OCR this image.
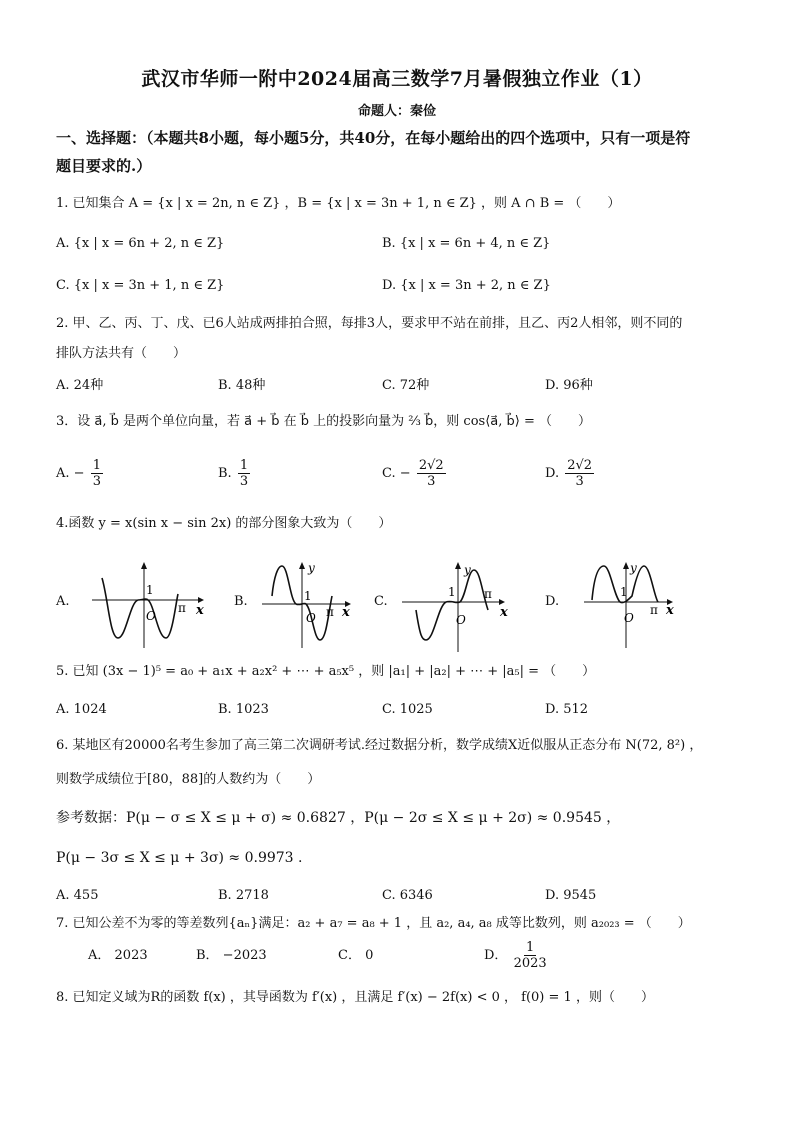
武汉市华师一附中2024届高三数学7月暑假独立作业（1）
命题人：秦俭
一、选择题：（本题共8小题，每小题5分，共40分，在每小题给出的四个选项中，只有一项是符
题目要求的.）
1. 已知集合 A = {x | x = 2n, n ∈ Z} ，B = {x | x = 3n + 1, n ∈ Z} ，则 A ∩ B = （　　）
A. {x | x = 6n + 2, n ∈ Z}	B. {x | x = 6n + 4, n ∈ Z}
C. {x | x = 3n + 1, n ∈ Z}	D. {x | x = 3n + 2, n ∈ Z}
2. 甲、乙、丙、丁、戊、已6人站成两排拍合照，每排3人，要求甲不站在前排，且乙、丙2人相邻，则不同的
排队方法共有（　　）
A. 24种	B. 48种	C. 72种	D. 96种
3．设 a⃗, b⃗ 是两个单位向量，若 a⃗ + b⃗ 在 b⃗ 上的投影向量为 ⅔ b⃗，则 cos⟨a⃗, b⃗⟩ = （　　）
A. − $\frac{1}{3}$	B. $\frac{1}{3}$	C. − $\frac{2√2}{3}$	D. $\frac{2√2}{3}$
4.函数 y = x(sin x − sin 2x) 的部分图象大致为（　　）
A.	B.	C.	D.
1
O
π x
y
1
O π x
y
1
O
π
x
y
1
O
π x
5. 已知 (3x − 1)⁵ = a₀ + a₁x + a₂x² + ⋯ + a₅x⁵ ，则 |a₁| + |a₂| + ⋯ + |a₅| = （　　）
A. 1024	B. 1023	C. 1025	D. 512
6. 某地区有20000名考生参加了高三第二次调研考试.经过数据分析，数学成绩X近似服从正态分布 N(72, 8²) ，
则数学成绩位于[80，88]的人数约为（　　）
参考数据：P(μ − σ ≤ X ≤ μ + σ) ≈ 0.6827 ，P(μ − 2σ ≤ X ≤ μ + 2σ) ≈ 0.9545 ，
P(μ − 3σ ≤ X ≤ μ + 3σ) ≈ 0.9973 .
A. 455	B. 2718	C. 6346	D. 9545
7. 已知公差不为零的等差数列{aₙ}满足：a₂ + a₇ = a₈ + 1 ，且 a₂, a₄, a₈ 成等比数列，则 a₂₀₂₃ = （　　）
A． 2023	B． −2023	C． 0	D． $\frac{1}{2023}$
8. 已知定义域为R的函数 f(x) ，其导函数为 f′(x) ，且满足 f′(x) − 2f(x) < 0 ， f(0) = 1 ，则（　　）
